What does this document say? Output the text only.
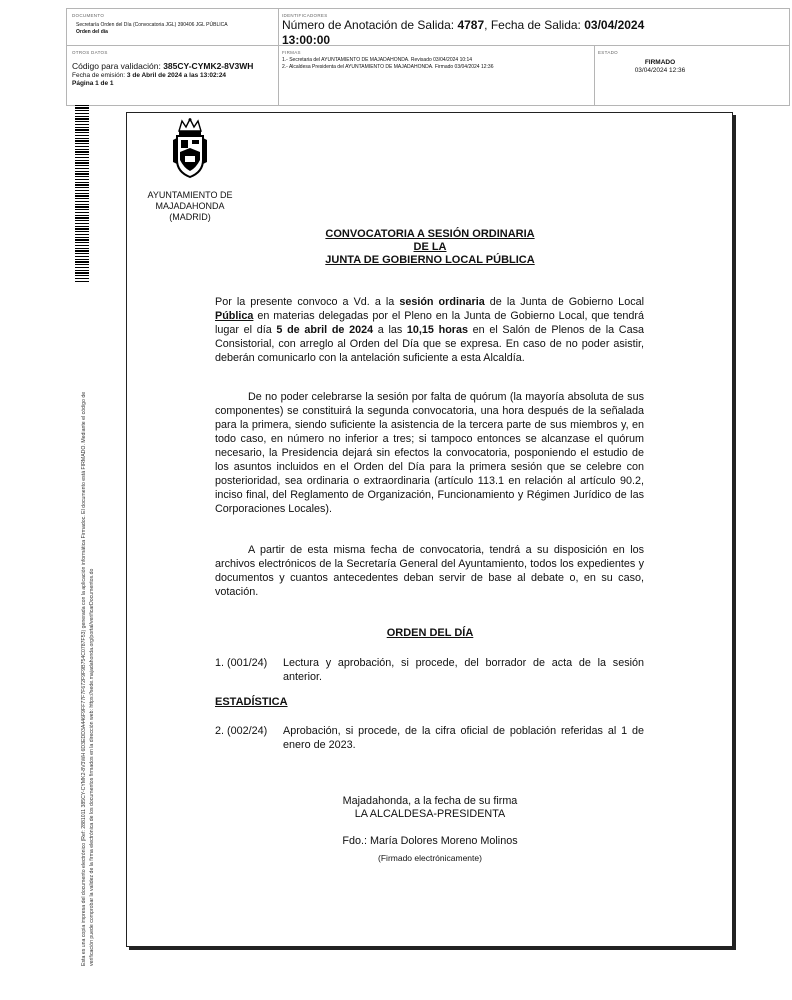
DOCUMENTO
Secretaría Orden del Día (Convocatoria JGL) 390406 JGL PÚBLICA
Orden del día
IDENTIFICADORES
Número de Anotación de Salida: 4787, Fecha de Salida: 03/04/2024
13:00:00
OTROS DATOS
Código para validación: 385CY-CYMK2-8V3WH
Fecha de emisión: 3 de Abril de 2024 a las 13:02:24
Página 1 de 1
FIRMAS
1.- Secretaria del AYUNTAMIENTO DE MAJADAHONDA. Revisado 03/04/2024 10:14
2.- Alcaldesa Presidenta del AYUNTAMIENTO DE MAJADAHONDA. Firmado 03/04/2024 12:36
ESTADO
FIRMADO
03/04/2024 12:36
Esta es una copia impresa del documento electrónico (Ref: 2881011 385CY-CYMK2-8V3WH 6D3EDD3A446F9FF77F7F672F9F9B754C0787F53) generada con la aplicación informática Firmadoc. El documento está FIRMADO. Mediante el código de verificación puede comprobar la validez de la firma electrónica de los documentos firmados en la dirección web: https://sede.majadahonda.org/portal/verificarDocumentos.do
AYUNTAMIENTO DE
MAJADAHONDA
(MADRID)
CONVOCATORIA A SESIÓN ORDINARIA
DE LA
JUNTA DE GOBIERNO LOCAL PÚBLICA
Por la presente convoco a Vd. a la sesión ordinaria de la Junta de Gobierno Local Pública en materias delegadas por el Pleno en la Junta de Gobierno Local, que tendrá lugar el día 5 de abril de 2024 a las 10,15 horas en el Salón de Plenos de la Casa Consistorial, con arreglo al Orden del Día que se expresa. En caso de no poder asistir, deberán comunicarlo con la antelación suficiente a esta Alcaldía.
De no poder celebrarse la sesión por falta de quórum (la mayoría absoluta de sus componentes) se constituirá la segunda convocatoria, una hora después de la señalada para la primera, siendo suficiente la asistencia de la tercera parte de sus miembros y, en todo caso, en número no inferior a tres; si tampoco entonces se alcanzase el quórum necesario, la Presidencia dejará sin efectos la convocatoria, posponiendo el estudio de los asuntos incluidos en el Orden del Día para la primera sesión que se celebre con posterioridad, sea ordinaria o extraordinaria (artículo 113.1 en relación al artículo 90.2, inciso final, del Reglamento de Organización, Funcionamiento y Régimen Jurídico de las Corporaciones Locales).
A partir de esta misma fecha de convocatoria, tendrá a su disposición en los archivos electrónicos de la Secretaría General del Ayuntamiento, todos los expedientes y documentos y cuantos antecedentes deban servir de base al debate o, en su caso, votación.
ORDEN DEL DÍA
1. (001/24)	Lectura y aprobación, si procede, del borrador de acta de la sesión anterior.
ESTADÍSTICA
2. (002/24)	Aprobación, si procede, de la cifra oficial de población referidas al 1 de enero de 2023.
Majadahonda, a la fecha de su firma
LA ALCALDESA-PRESIDENTA
Fdo.: María Dolores Moreno Molinos
(Firmado electrónicamente)
